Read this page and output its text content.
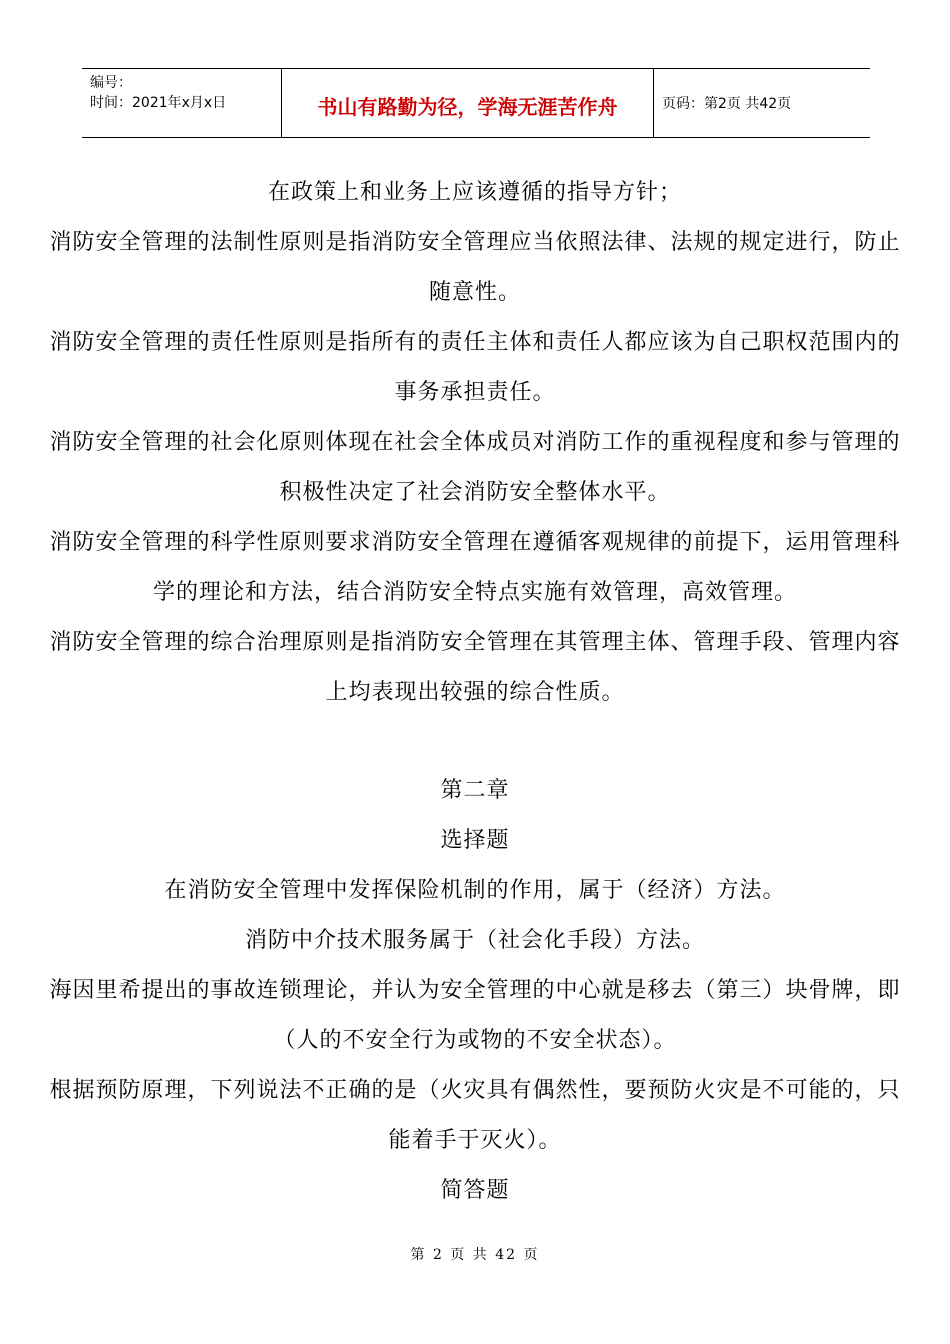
编号：
时间：2021年x月x日	书山有路勤为径，学海无涯苦作舟	页码：第2页 共42页

在政策上和业务上应该遵循的指导方针；

消防安全管理的法制性原则是指消防安全管理应当依照法律、法规的规定进行，防止随意性。

消防安全管理的责任性原则是指所有的责任主体和责任人都应该为自己职权范围内的事务承担责任。

消防安全管理的社会化原则体现在社会全体成员对消防工作的重视程度和参与管理的积极性决定了社会消防安全整体水平。

消防安全管理的科学性原则要求消防安全管理在遵循客观规律的前提下，运用管理科学的理论和方法，结合消防安全特点实施有效管理，高效管理。

消防安全管理的综合治理原则是指消防安全管理在其管理主体、管理手段、管理内容上均表现出较强的综合性质。

第二章

选择题

在消防安全管理中发挥保险机制的作用，属于（经济）方法。

消防中介技术服务属于（社会化手段）方法。

海因里希提出的事故连锁理论，并认为安全管理的中心就是移去（第三）块骨牌，即（人的不安全行为或物的不安全状态）。

根据预防原理，下列说法不正确的是（火灾具有偶然性，要预防火灾是不可能的，只能着手于灭火）。

简答题

第 2 页 共 42 页
